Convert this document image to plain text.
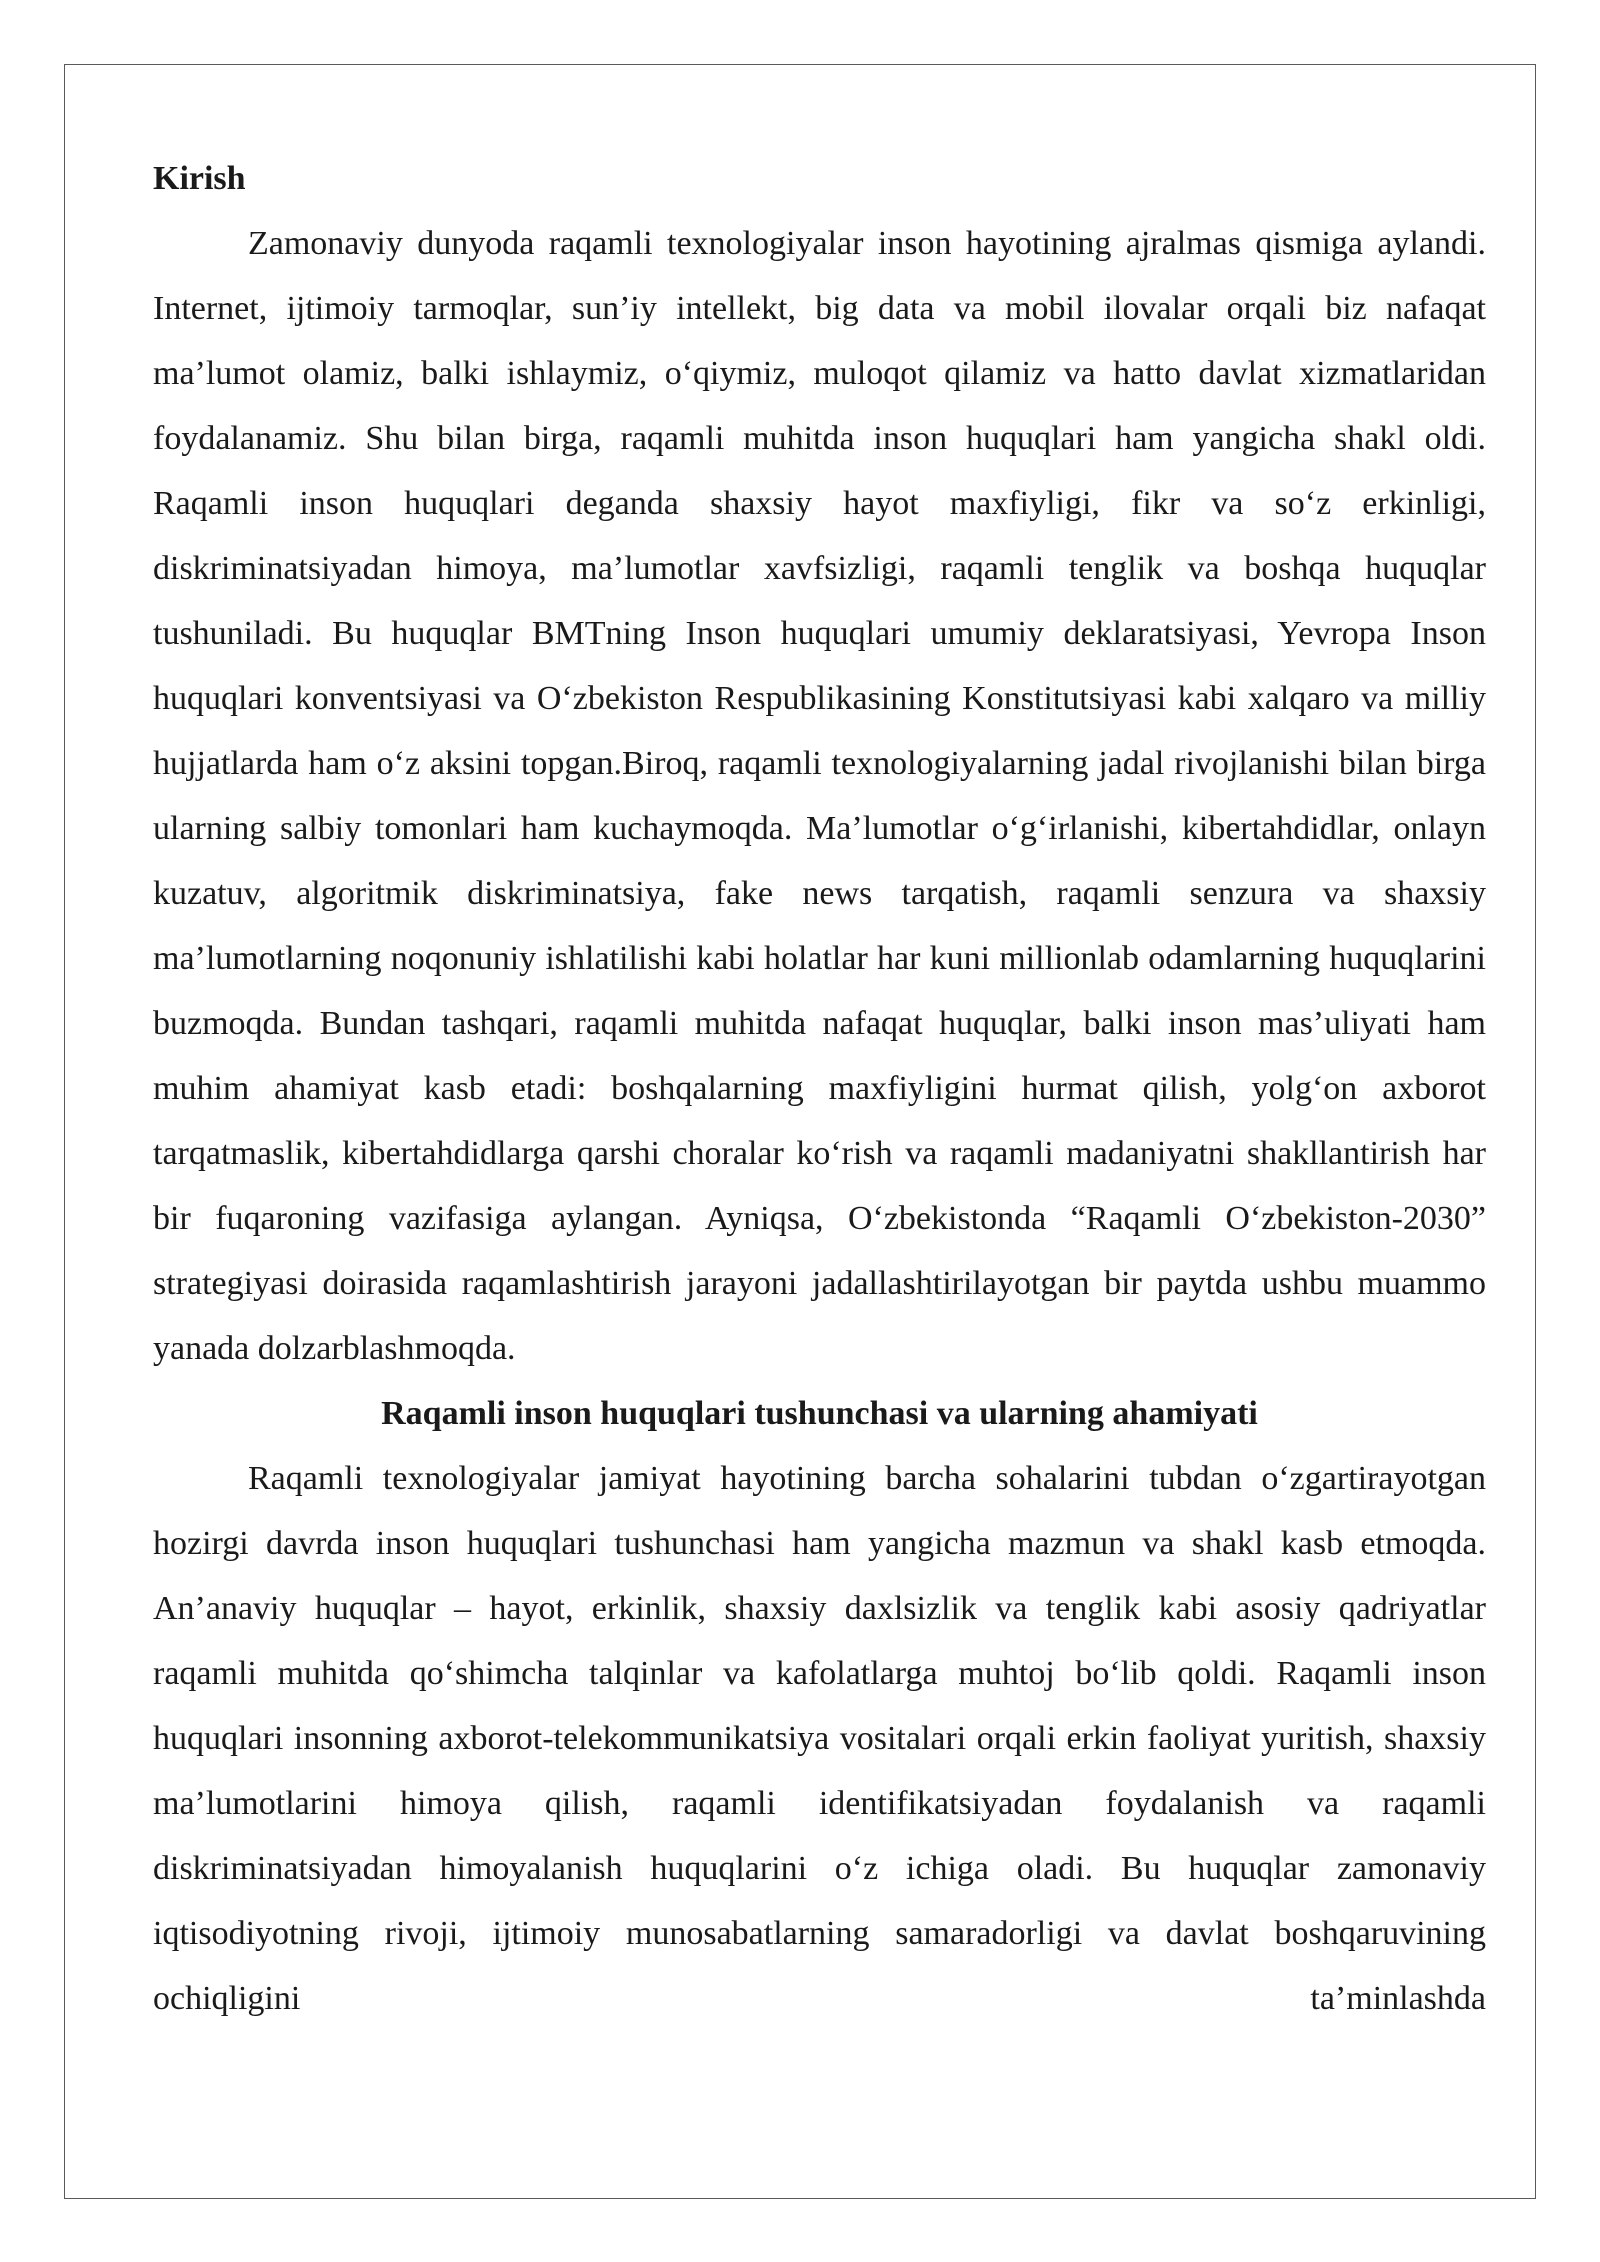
Kirish

Zamonaviy dunyoda raqamli texnologiyalar inson hayotining ajralmas qismiga aylandi. Internet, ijtimoiy tarmoqlar, sun’iy intellekt, big data va mobil ilovalar orqali biz nafaqat ma’lumot olamiz, balki ishlaymiz, o‘qiymiz, muloqot qilamiz va hatto davlat xizmatlaridan foydalanamiz. Shu bilan birga, raqamli muhitda inson huquqlari ham yangicha shakl oldi. Raqamli inson huquqlari deganda shaxsiy hayot maxfiyligi, fikr va so‘z erkinligi, diskriminatsiyadan himoya, ma’lumotlar xavfsizligi, raqamli tenglik va boshqa huquqlar tushuniladi. Bu huquqlar BMTning Inson huquqlari umumiy deklaratsiyasi, Yevropa Inson huquqlari konventsiyasi va O‘zbekiston Respublikasining Konstitutsiyasi kabi xalqaro va milliy hujjatlarda ham o‘z aksini topgan.Biroq, raqamli texnologiyalarning jadal rivojlanishi bilan birga ularning salbiy tomonlari ham kuchaymoqda. Ma’lumotlar o‘g‘irlanishi, kibertahdidlar, onlayn kuzatuv, algoritmik diskriminatsiya, fake news tarqatish, raqamli senzura va shaxsiy ma’lumotlarning noqonuniy ishlatilishi kabi holatlar har kuni millionlab odamlarning huquqlarini buzmoqda. Bundan tashqari, raqamli muhitda nafaqat huquqlar, balki inson mas’uliyati ham muhim ahamiyat kasb etadi: boshqalarning maxfiyligini hurmat qilish, yolg‘on axborot tarqatmaslik, kibertahdidlarga qarshi choralar ko‘rish va raqamli madaniyatni shakllantirish har bir fuqaroning vazifasiga aylangan. Ayniqsa, O‘zbekistonda “Raqamli O‘zbekiston-2030” strategiyasi doirasida raqamlashtirish jarayoni jadallashtirilayotgan bir paytda ushbu muammo yanada dolzarblashmoqda.

Raqamli inson huquqlari tushunchasi va ularning ahamiyati

Raqamli texnologiyalar jamiyat hayotining barcha sohalarini tubdan o‘zgartirayotgan hozirgi davrda inson huquqlari tushunchasi ham yangicha mazmun va shakl kasb etmoqda. An’anaviy huquqlar – hayot, erkinlik, shaxsiy daxlsizlik va tenglik kabi asosiy qadriyatlar raqamli muhitda qo‘shimcha talqinlar va kafolatlarga muhtoj bo‘lib qoldi. Raqamli inson huquqlari insonning axborot-telekommunikatsiya vositalari orqali erkin faoliyat yuritish, shaxsiy ma’lumotlarini himoya qilish, raqamli identifikatsiyadan foydalanish va raqamli diskriminatsiyadan himoyalanish huquqlarini o‘z ichiga oladi. Bu huquqlar zamonaviy iqtisodiyotning rivoji, ijtimoiy munosabatlarning samaradorligi va davlat boshqaruvining ochiqligini ta’minlashda
